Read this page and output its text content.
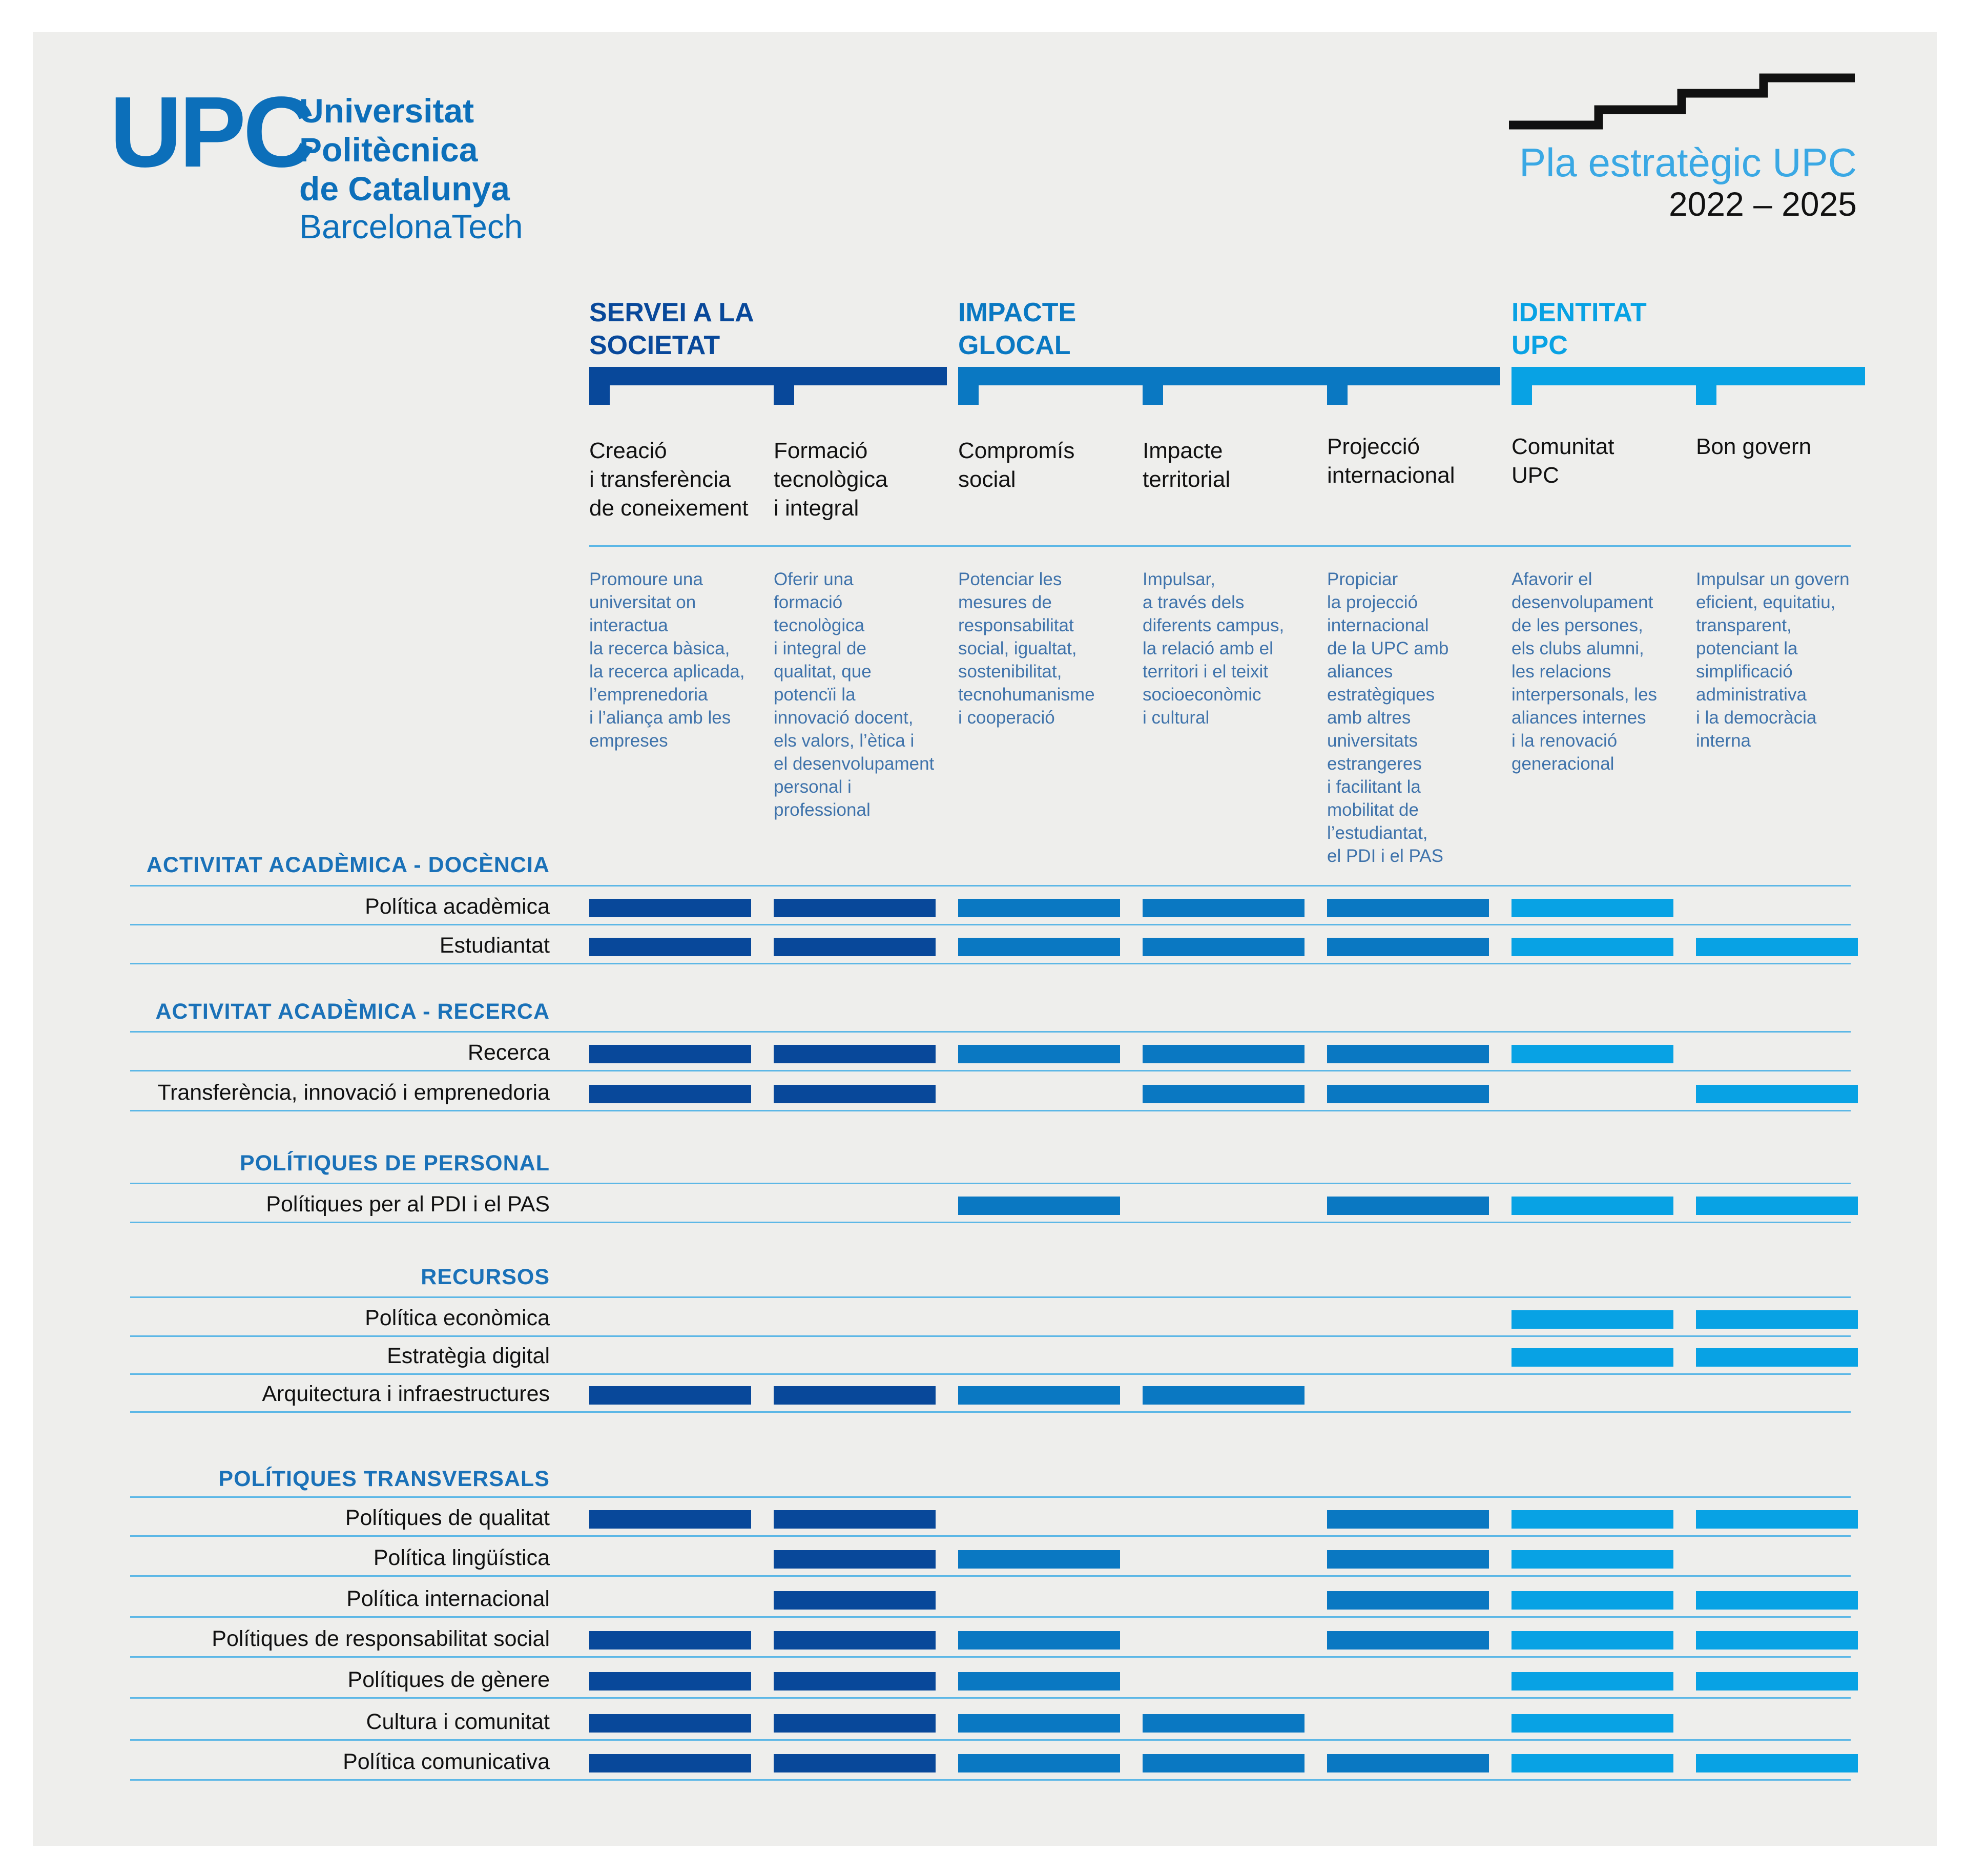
UPC
Universitat
Politècnica
de Catalunya
BarcelonaTech
Pla estratègic UPC
2022 – 2025
SERVEI A LA
SOCIETAT
IMPACTE
GLOCAL
IDENTITAT
UPC
Creació
i transferència
de coneixement
Promoure una
universitat on
interactua
la recerca bàsica,
la recerca aplicada,
l’emprenedoria
i l’aliança amb les
empreses
Formació
tecnològica
i integral
Oferir una
formació
tecnològica
i integral de
qualitat, que
potencïi la
innovació docent,
els valors, l’ètica i
el desenvolupament
personal i
professional
Compromís
social
Potenciar les
mesures de
responsabilitat
social, igualtat,
sostenibilitat,
tecnohumanisme
i cooperació
Impacte
territorial
Impulsar,
a través dels
diferents campus,
la relació amb el
territori i el teixit
socioeconòmic
i cultural
Projecció
internacional
Propiciar
la projecció
internacional
de la UPC amb
aliances
estratègiques
amb altres
universitats
estrangeres
i facilitant la
mobilitat de
l’estudiantat,
el PDI i el PAS
Comunitat
UPC
Afavorir el
desenvolupament
de les persones,
els clubs alumni,
les relacions
interpersonals, les
aliances internes
i la renovació
generacional
Bon govern
Impulsar un govern
eficient, equitatiu,
transparent,
potenciant la
simplificació
administrativa
i la democràcia
interna
ACTIVITAT ACADÈMICA - DOCÈNCIA
Política acadèmica
Estudiantat
ACTIVITAT ACADÈMICA - RECERCA
Recerca
Transferència, innovació i emprenedoria
POLÍTIQUES DE PERSONAL
Polítiques per al PDI i el PAS
RECURSOS
Política econòmica
Estratègia digital
Arquitectura i infraestructures
POLÍTIQUES TRANSVERSALS
Polítiques de qualitat
Política lingüística
Política internacional
Polítiques de responsabilitat social
Polítiques de gènere
Cultura i comunitat
Política comunicativa
